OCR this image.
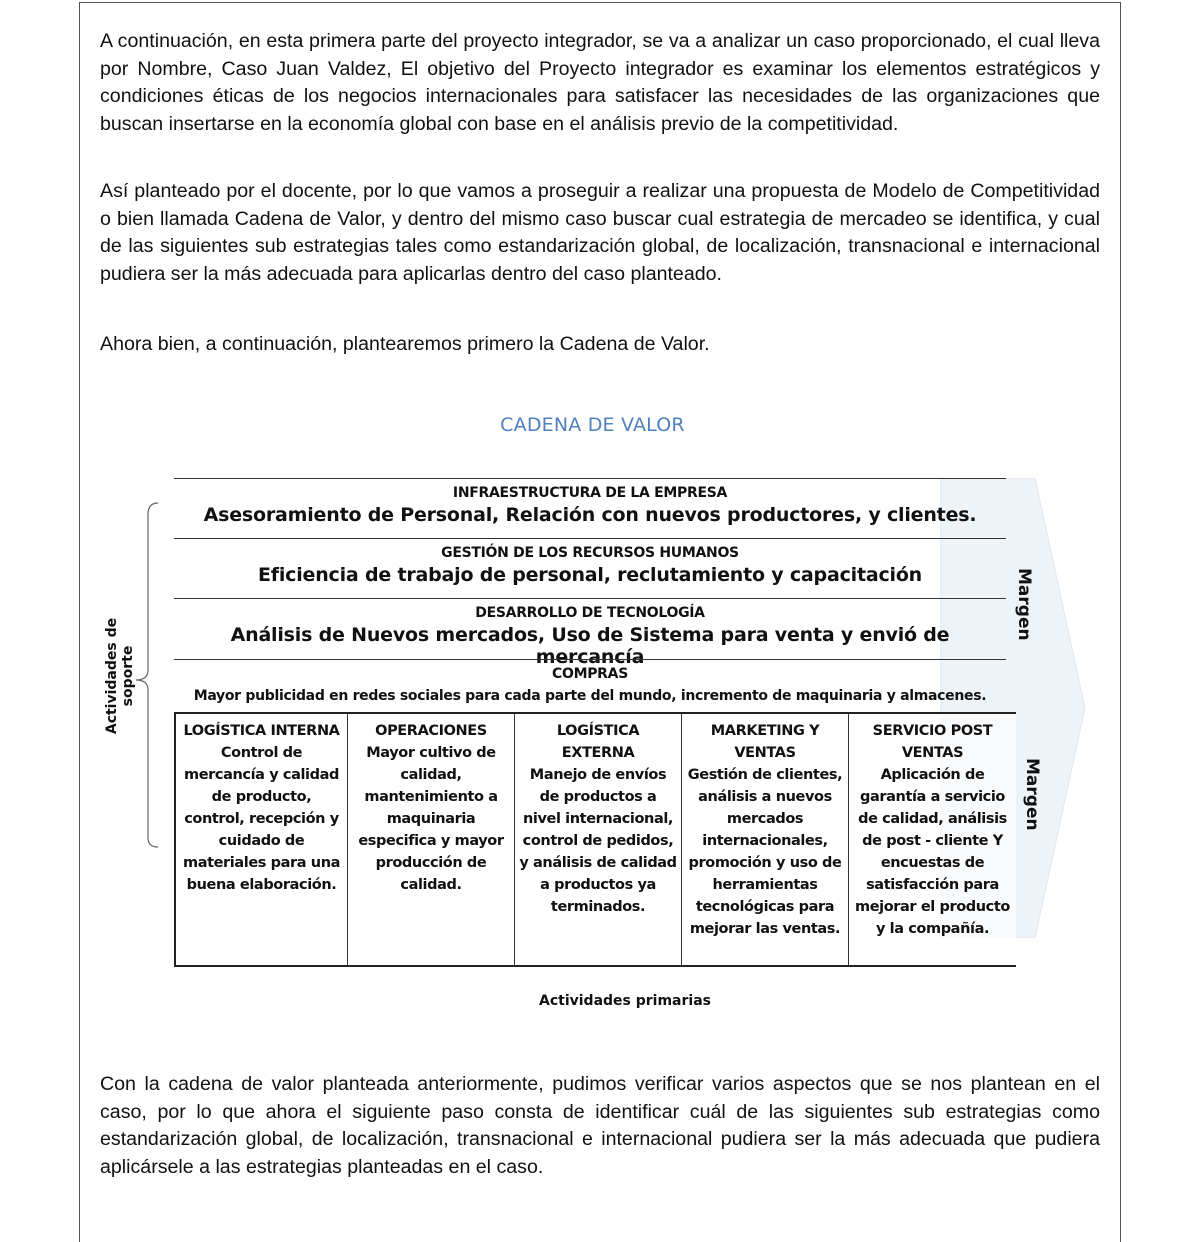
A continuación, en esta primera parte del proyecto integrador, se va a analizar un caso proporcionado, el cual lleva por Nombre, Caso Juan Valdez, El objetivo del Proyecto integrador es examinar los elementos estratégicos y condiciones éticas de los negocios internacionales para satisfacer las necesidades de las organizaciones que buscan insertarse en la economía global con base en el análisis previo de la competitividad.

Así planteado por el docente, por lo que vamos a proseguir a realizar una propuesta de Modelo de Competitividad o bien llamada Cadena de Valor, y dentro del mismo caso buscar cual estrategia de mercadeo se identifica, y cual de las siguientes sub estrategias tales como estandarización global, de localización, transnacional e internacional pudiera ser la más adecuada para aplicarlas dentro del caso planteado.

Ahora bien, a continuación, plantearemos primero la Cadena de Valor.

CADENA DE VALOR
INFRAESTRUCTURA DE LA EMPRESA
Asesoramiento de Personal, Relación con nuevos productores, y clientes.
GESTIÓN DE LOS RECURSOS HUMANOS
Eficiencia de trabajo de personal, reclutamiento y capacitación
DESARROLLO DE TECNOLOGÍA
Análisis de Nuevos mercados, Uso de Sistema para venta y envió de mercancía
COMPRAS
Mayor publicidad en redes sociales para cada parte del mundo, incremento de maquinaria y almacenes.
LOGÍSTICA INTERNA
Control de mercancía y calidad de producto, control, recepción y cuidado de materiales para una buena elaboración.
OPERACIONES
Mayor cultivo de calidad, mantenimiento a maquinaria especifica y mayor producción de calidad.
LOGÍSTICA EXTERNA
Manejo de envíos de productos a nivel internacional, control de pedidos, y análisis de calidad a productos ya terminados.
MARKETING Y VENTAS
Gestión de clientes, análisis a nuevos mercados internacionales, promoción y uso de herramientas tecnológicas para mejorar las ventas.
SERVICIO POST VENTAS
Aplicación de garantía a servicio de calidad, análisis de post - cliente Y encuestas de satisfacción para mejorar el producto y la compañía.
Margen
Margen
Actividades de soporte
Actividades primarias

Con la cadena de valor planteada anteriormente, pudimos verificar varios aspectos que se nos plantean en el caso, por lo que ahora el siguiente paso consta de identificar cuál de las siguientes sub estrategias como estandarización global, de localización, transnacional e internacional pudiera ser la más adecuada que pudiera aplicársele a las estrategias planteadas en el caso.
